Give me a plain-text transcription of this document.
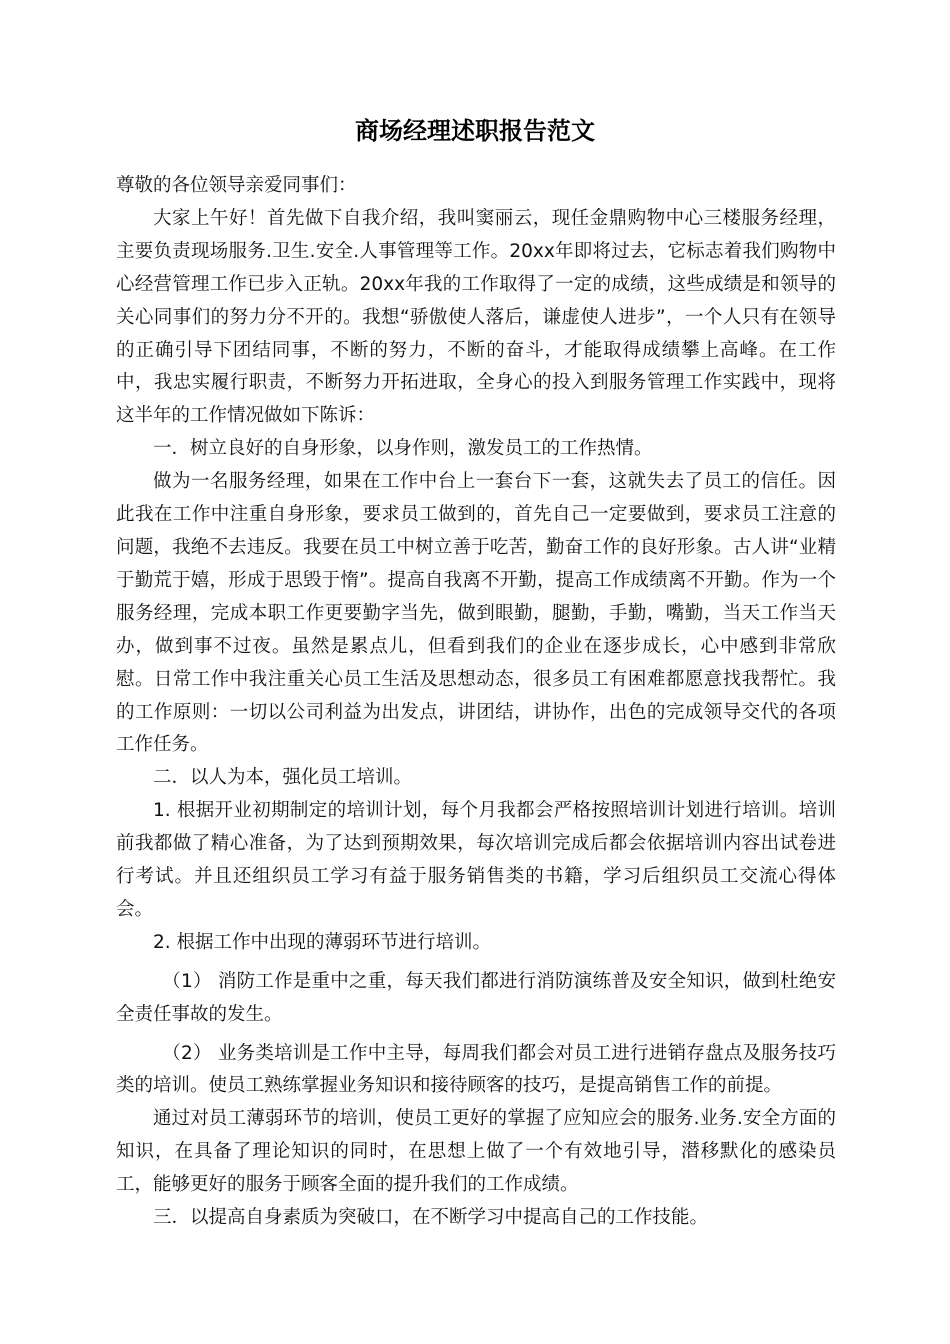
商场经理述职报告范文

尊敬的各位领导亲爱同事们：

大家上午好！首先做下自我介绍，我叫窦丽云，现任金鼎购物中心三楼服务经理，主要负责现场服务.卫生.安全.人事管理等工作。20xx年即将过去，它标志着我们购物中心经营管理工作已步入正轨。20xx年我的工作取得了一定的成绩，这些成绩是和领导的关心同事们的努力分不开的。我想“骄傲使人落后，谦虚使人进步”，一个人只有在领导的正确引导下团结同事，不断的努力，不断的奋斗，才能取得成绩攀上高峰。在工作中，我忠实履行职责，不断努力开拓进取，全身心的投入到服务管理工作实践中，现将这半年的工作情况做如下陈诉：

一．树立良好的自身形象，以身作则，激发员工的工作热情。

做为一名服务经理，如果在工作中台上一套台下一套，这就失去了员工的信任。因此我在工作中注重自身形象，要求员工做到的，首先自己一定要做到，要求员工注意的问题，我绝不去违反。我要在员工中树立善于吃苦，勤奋工作的良好形象。古人讲“业精于勤荒于嬉，形成于思毁于惰”。提高自我离不开勤，提高工作成绩离不开勤。作为一个服务经理，完成本职工作更要勤字当先，做到眼勤，腿勤，手勤，嘴勤，当天工作当天办，做到事不过夜。虽然是累点儿，但看到我们的企业在逐步成长，心中感到非常欣慰。日常工作中我注重关心员工生活及思想动态，很多员工有困难都愿意找我帮忙。我的工作原则：一切以公司利益为出发点，讲团结，讲协作，出色的完成领导交代的各项工作任务。

二．以人为本，强化员工培训。

1. 根据开业初期制定的培训计划，每个月我都会严格按照培训计划进行培训。培训前我都做了精心准备，为了达到预期效果，每次培训完成后都会依据培训内容出试卷进行考试。并且还组织员工学习有益于服务销售类的书籍，学习后组织员工交流心得体会。

2. 根据工作中出现的薄弱环节进行培训。

（1） 消防工作是重中之重，每天我们都进行消防演练普及安全知识，做到杜绝安全责任事故的发生。

（2） 业务类培训是工作中主导，每周我们都会对员工进行进销存盘点及服务技巧类的培训。使员工熟练掌握业务知识和接待顾客的技巧，是提高销售工作的前提。

通过对员工薄弱环节的培训，使员工更好的掌握了应知应会的服务.业务.安全方面的知识，在具备了理论知识的同时，在思想上做了一个有效地引导，潜移默化的感染员工，能够更好的服务于顾客全面的提升我们的工作成绩。

三．以提高自身素质为突破口，在不断学习中提高自己的工作技能。
